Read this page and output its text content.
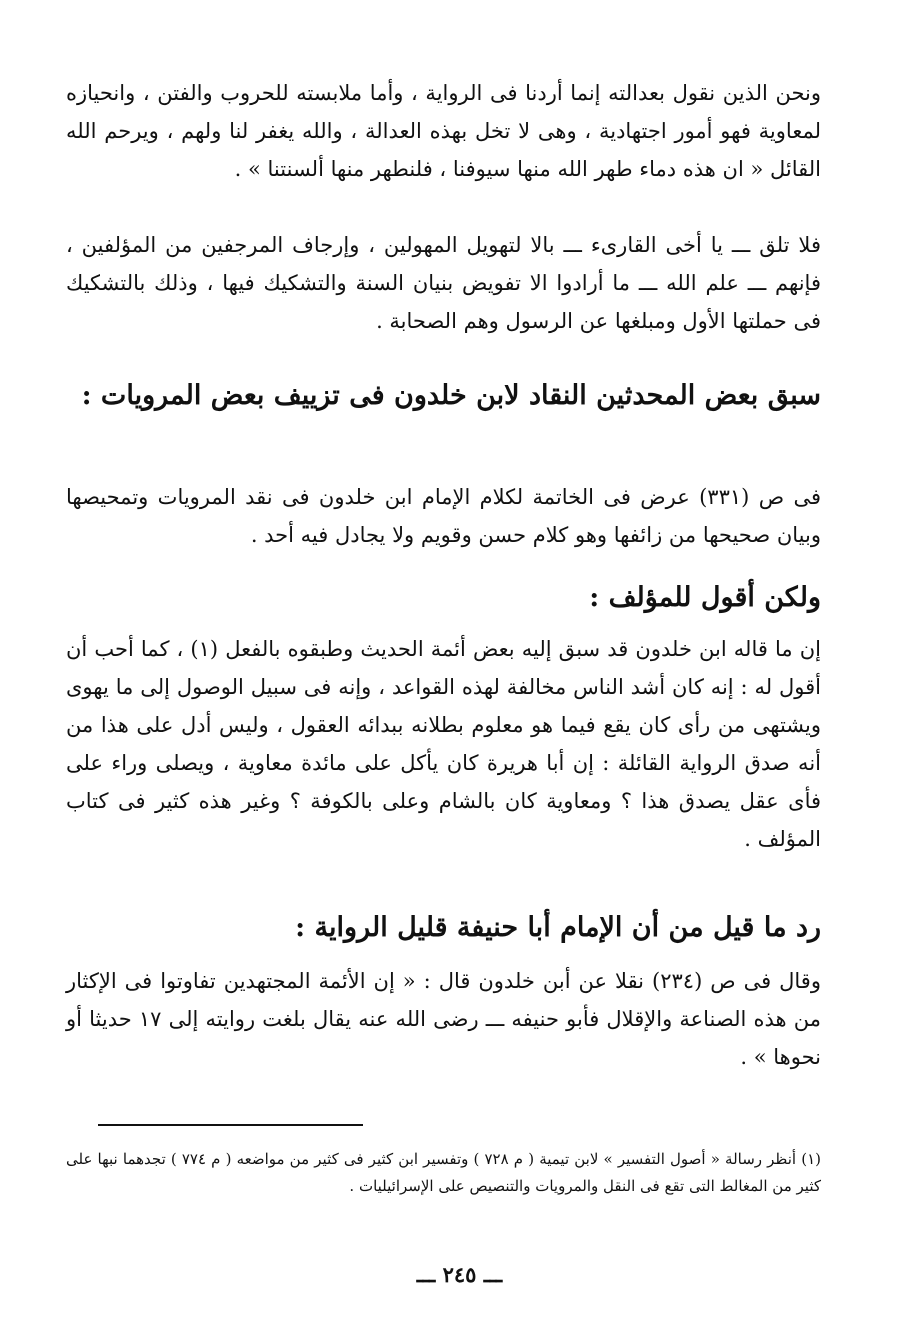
ونحن الذين نقول بعدالته إنما أردنا فى الرواية ، وأما ملابسته للحروب والفتن ، وانحيازه لمعاوية فهو أمور اجتهادية ، وهى لا تخل بهذه العدالة ، والله يغفر لنا ولهم ، ويرحم الله القائل « ان هذه دماء طهر الله منها سيوفنا ، فلنطهر منها ألسنتنا » .

فلا تلق ـــ يا أخى القارىء ـــ بالا لتهويل المهولين ، وإرجاف المرجفين من المؤلفين ، فإنهم ـــ علم الله ـــ ما أرادوا الا تفويض بنيان السنة والتشكيك فيها ، وذلك بالتشكيك فى حملتها الأول ومبلغها عن الرسول وهم الصحابة .

سبق بعض المحدثين النقاد لابن خلدون فى تزييف بعض المرويات :

فى ص (٣٣١) عرض فى الخاتمة لكلام الإمام ابن خلدون فى نقد المرويات وتمحيصها وبيان صحيحها من زائفها وهو كلام حسن وقويم ولا يجادل فيه أحد .

ولكن أقول للمؤلف :

إن ما قاله ابن خلدون قد سبق إليه بعض أئمة الحديث وطبقوه بالفعل (١) ، كما أحب أن أقول له : إنه كان أشد الناس مخالفة لهذه القواعد ، وإنه فى سبيل الوصول إلى ما يهوى ويشتهى من رأى كان يقع فيما هو معلوم بطلانه ببدائه العقول ، وليس أدل على هذا من أنه صدق الرواية القائلة : إن أبا هريرة كان يأكل على مائدة معاوية ، ويصلى وراء على فأى عقل يصدق هذا ؟ ومعاوية كان بالشام وعلى بالكوفة ؟ وغير هذه كثير فى كتاب المؤلف .

رد ما قيل من أن الإمام أبا حنيفة قليل الرواية :

وقال فى ص (٢٣٤) نقلا عن أبن خلدون قال : « إن الأئمة المجتهدين تفاوتوا فى الإكثار من هذه الصناعة والإقلال فأبو حنيفه ـــ رضى الله عنه يقال بلغت روايته إلى ١٧ حديثا أو نحوها » .

(١) أنظر رسالة « أصول التفسير » لابن تيمية ( م ٧٢٨ ) وتفسير ابن كثير فى كثير من مواضعه ( م ٧٧٤ ) تجدهما نبها على كثير من المغالط التى تقع فى النقل والمرويات والتنصيص على الإسرائيليات .

ـــ ٢٤٥ ـــ
